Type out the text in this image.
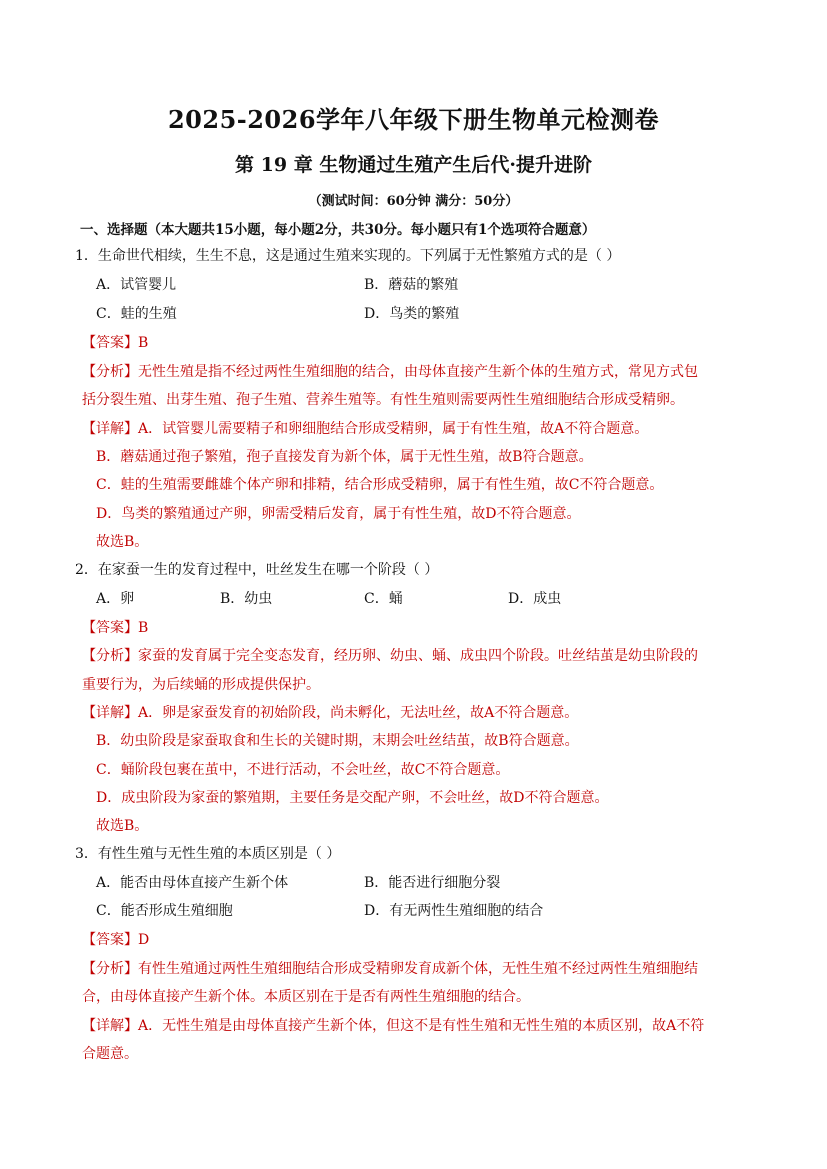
2025-2026学年八年级下册生物单元检测卷
第 19 章 生物通过生殖产生后代·提升进阶
（测试时间：60分钟 满分：50分）
一、选择题（本大题共15小题，每小题2分，共30分。每小题只有1个选项符合题意）
1．生命世代相续，生生不息，这是通过生殖来实现的。下列属于无性繁殖方式的是（ ）
A．试管婴儿	B．蘑菇的繁殖
C．蛙的生殖	D．鸟类的繁殖
【答案】B
【分析】无性生殖是指不经过两性生殖细胞的结合，由母体直接产生新个体的生殖方式，常见方式包
括分裂生殖、出芽生殖、孢子生殖、营养生殖等。有性生殖则需要两性生殖细胞结合形成受精卵。
【详解】A．试管婴儿需要精子和卵细胞结合形成受精卵，属于有性生殖，故A不符合题意。
B．蘑菇通过孢子繁殖，孢子直接发育为新个体，属于无性生殖，故B符合题意。
C．蛙的生殖需要雌雄个体产卵和排精，结合形成受精卵，属于有性生殖，故C不符合题意。
D．鸟类的繁殖通过产卵，卵需受精后发育，属于有性生殖，故D不符合题意。
故选B。
2．在家蚕一生的发育过程中，吐丝发生在哪一个阶段（ ）
A．卵	B．幼虫	C．蛹	D．成虫
【答案】B
【分析】家蚕的发育属于完全变态发育，经历卵、幼虫、蛹、成虫四个阶段。吐丝结茧是幼虫阶段的
重要行为，为后续蛹的形成提供保护。
【详解】A．卵是家蚕发育的初始阶段，尚未孵化，无法吐丝，故A不符合题意。
B．幼虫阶段是家蚕取食和生长的关键时期，末期会吐丝结茧，故B符合题意。
C．蛹阶段包裹在茧中，不进行活动，不会吐丝，故C不符合题意。
D．成虫阶段为家蚕的繁殖期，主要任务是交配产卵，不会吐丝，故D不符合题意。
故选B。
3．有性生殖与无性生殖的本质区别是（ ）
A．能否由母体直接产生新个体	B．能否进行细胞分裂
C．能否形成生殖细胞	D．有无两性生殖细胞的结合
【答案】D
【分析】有性生殖通过两性生殖细胞结合形成受精卵发育成新个体，无性生殖不经过两性生殖细胞结
合，由母体直接产生新个体。本质区别在于是否有两性生殖细胞的结合。
【详解】A．无性生殖是由母体直接产生新个体，但这不是有性生殖和无性生殖的本质区别，故A不符
合题意。
